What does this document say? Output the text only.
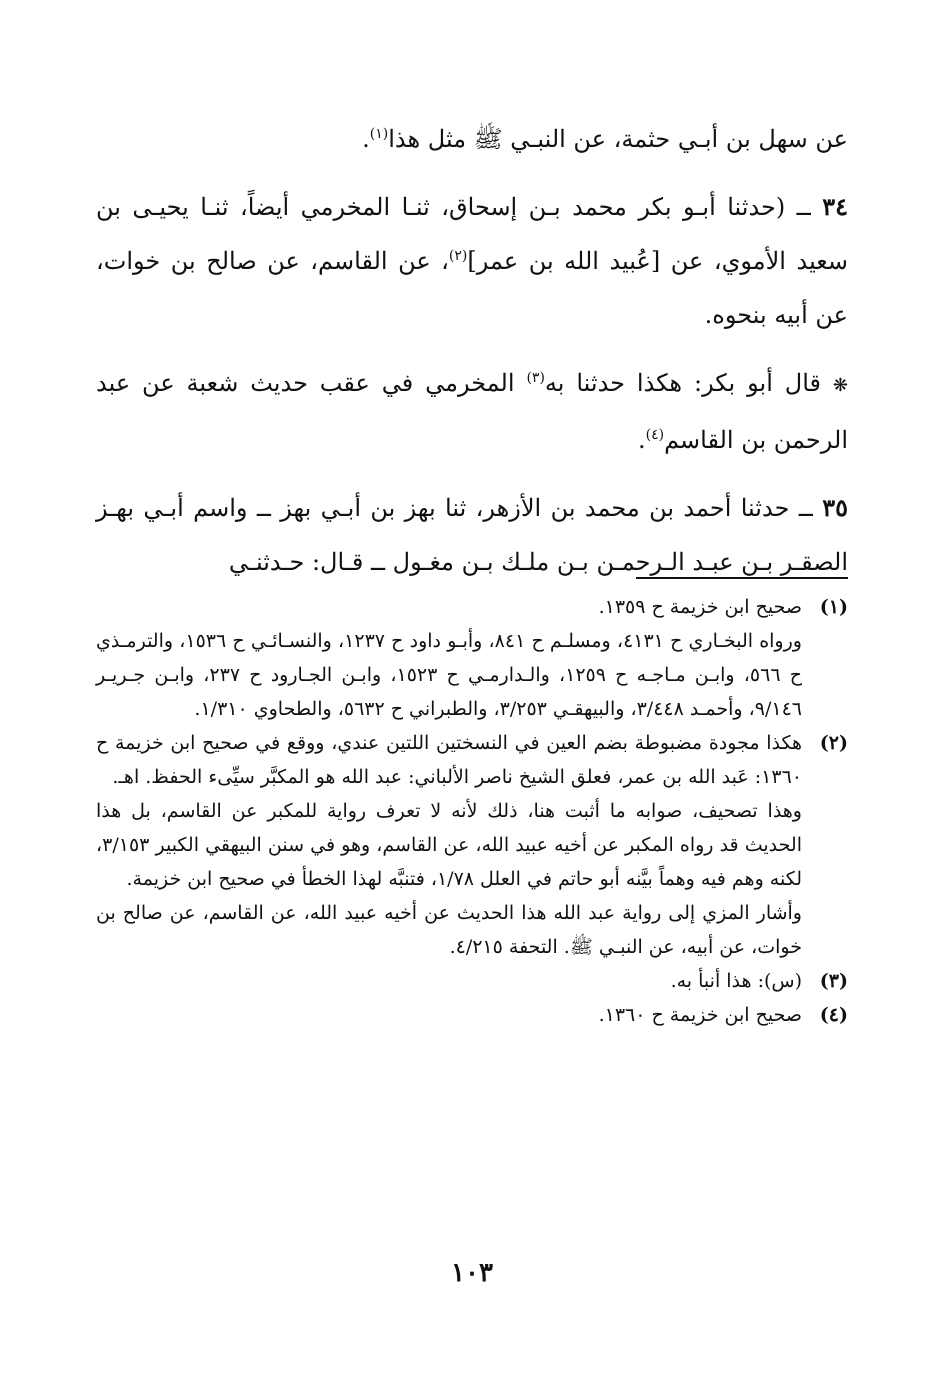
عن سهل بن أبـي حثمة، عن النبـي ﷺ مثل هذا$^{(١)}$.

٣٤ ــ (حدثنا أبـو بكر محمد بـن إسحاق، ثنـا المخرمي أيضاً، ثنـا يحيـى بن سعيد الأموي، عن [عُبيد الله بن عمر]$^{(٢)}$، عن القاسم، عن صالح بن خوات، عن أبيه بنحوه.

❋ قال أبو بكر: هكذا حدثنا به$^{(٣)}$ المخرمي في عقب حديث شعبة عن عبد الرحمن بن القاسم$^{(٤)}$.

٣٥ ــ حدثنا أحمد بن محمد بن الأزهر، ثنا بهز بن أبـي بهز ــ واسم أبـي بهـز الصقـر بـن عبـد الـرحمـن بـن ملـك بـن مغـول ــ قـال: حـدثنـي

(١)
صحيح ابن خزيمة ح ١٣٥٩.
ورواه البخـاري ح ٤١٣١، ومسلـم ح ٨٤١، وأبـو داود ح ١٢٣٧، والنسـائـي ح ١٥٣٦، والترمـذي ح ٥٦٦، وابـن مـاجـه ح ١٢٥٩، والـدارمـي ح ١٥٢٣، وابـن الجـارود ح ٢٣٧، وابـن جـريـر ٩/١٤٦، وأحمـد ٣/٤٤٨، والبيهقـي ٣/٢٥٣، والطبراني ح ٥٦٣٢، والطحاوي ١/٣١٠.
(٢)
هكذا مجودة مضبوطة بضم العين في النسختين اللتين عندي، ووقع في صحيح ابن خزيمة ح ١٣٦٠: عَبد الله بن عمر، فعلق الشيخ ناصر الألباني: عبد الله هو المكبَّر سيِّىء الحفظ. اهـ.
وهذا تصحيف، صوابه ما أثبت هنا، ذلك لأنه لا تعرف رواية للمكبر عن القاسم، بل هذا الحديث قد رواه المكبر عن أخيه عبيد الله، عن القاسم، وهو في سنن البيهقي الكبير ٣/١٥٣، لكنه وهم فيه وهماً بيَّنه أبو حاتم في العلل ١/٧٨، فتنبَّه لهذا الخطأ في صحيح ابن خزيمة.
وأشار المزي إلى رواية عبد الله هذا الحديث عن أخيه عبيد الله، عن القاسم، عن صالح بن خوات، عن أبيه، عن النبـي ﷺ. التحفة ٤/٢١٥.
(٣)
(س): هذا أنبأ به.
(٤)
صحيح ابن خزيمة ح ١٣٦٠.
١٠٣
